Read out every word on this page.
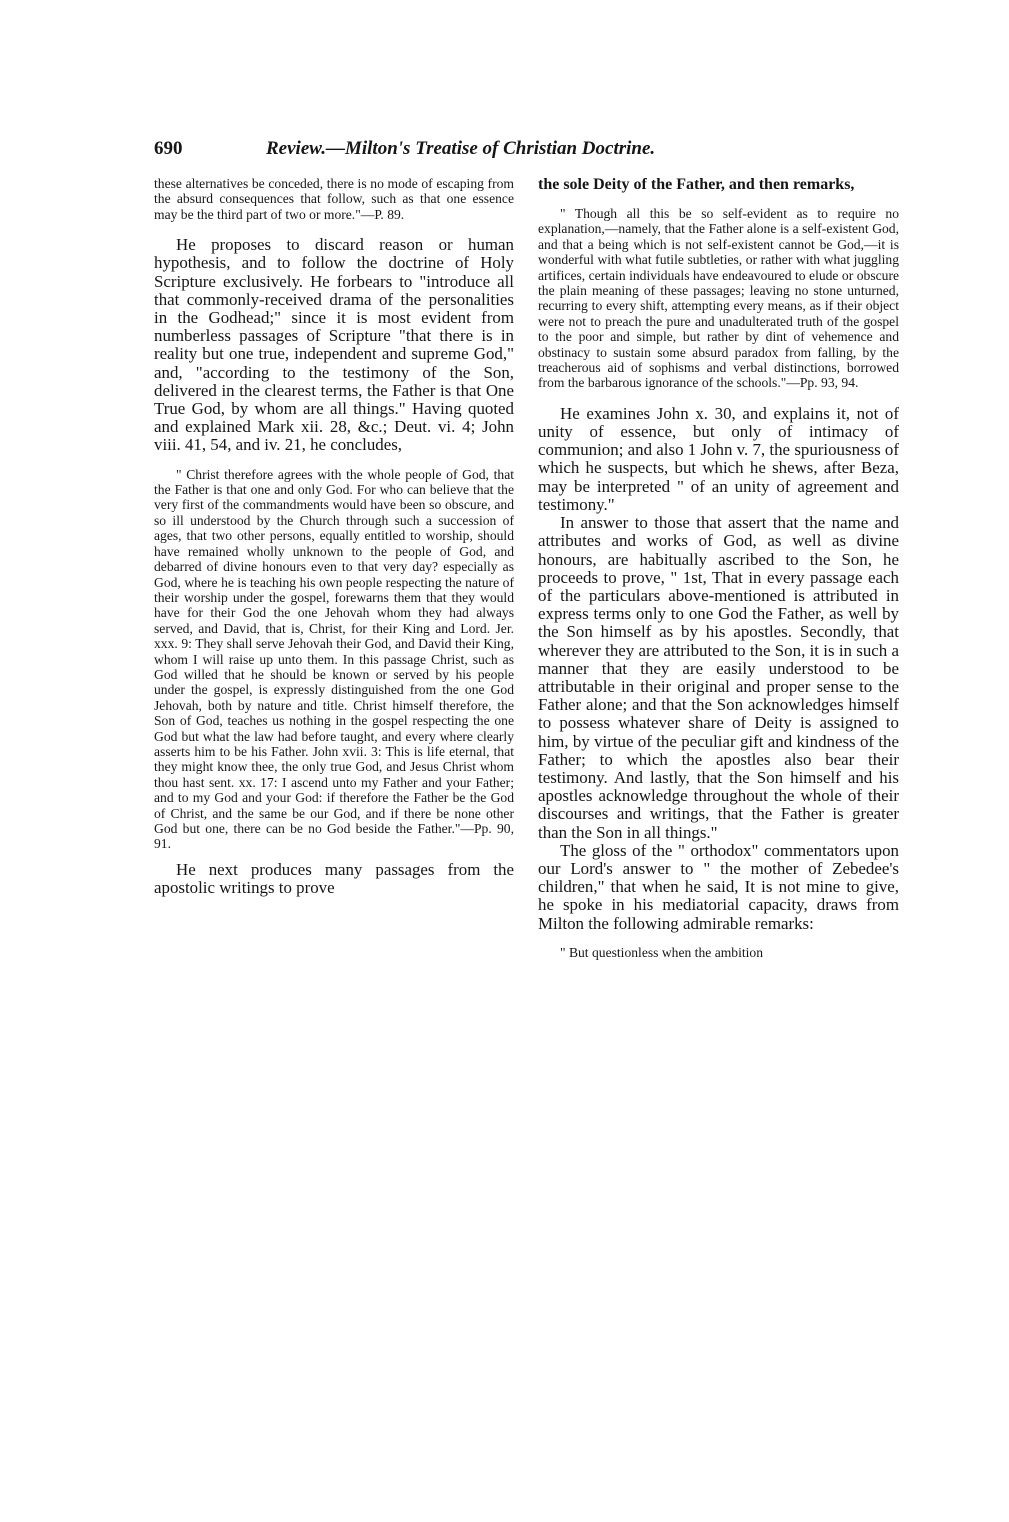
690	Review.—Milton's Treatise of Christian Doctrine.

these alternatives be conceded, there is no mode of escaping from the absurd consequences that follow, such as that one essence may be the third part of two or more."—P. 89.

He proposes to discard reason or human hypothesis, and to follow the doctrine of Holy Scripture exclusively. He forbears to "introduce all that commonly-received drama of the personalities in the Godhead;" since it is most evident from numberless passages of Scripture "that there is in reality but one true, independent and supreme God," and, "according to the testimony of the Son, delivered in the clearest terms, the Father is that One True God, by whom are all things." Having quoted and explained Mark xii. 28, &c.; Deut. vi. 4; John viii. 41, 54, and iv. 21, he concludes,

" Christ therefore agrees with the whole people of God, that the Father is that one and only God. For who can believe that the very first of the commandments would have been so obscure, and so ill understood by the Church through such a succession of ages, that two other persons, equally entitled to worship, should have remained wholly unknown to the people of God, and debarred of divine honours even to that very day? especially as God, where he is teaching his own people respecting the nature of their worship under the gospel, forewarns them that they would have for their God the one Jehovah whom they had always served, and David, that is, Christ, for their King and Lord. Jer. xxx. 9: They shall serve Jehovah their God, and David their King, whom I will raise up unto them. In this passage Christ, such as God willed that he should be known or served by his people under the gospel, is expressly distinguished from the one God Jehovah, both by nature and title. Christ himself therefore, the Son of God, teaches us nothing in the gospel respecting the one God but what the law had before taught, and every where clearly asserts him to be his Father. John xvii. 3: This is life eternal, that they might know thee, the only true God, and Jesus Christ whom thou hast sent. xx. 17: I ascend unto my Father and your Father; and to my God and your God: if therefore the Father be the God of Christ, and the same be our God, and if there be none other God but one, there can be no God beside the Father."—Pp. 90, 91.

He next produces many passages from the apostolic writings to prove

the sole Deity of the Father, and then remarks,

" Though all this be so self-evident as to require no explanation,—namely, that the Father alone is a self-existent God, and that a being which is not self-existent cannot be God,—it is wonderful with what futile subtleties, or rather with what juggling artifices, certain individuals have endeavoured to elude or obscure the plain meaning of these passages; leaving no stone unturned, recurring to every shift, attempting every means, as if their object were not to preach the pure and unadulterated truth of the gospel to the poor and simple, but rather by dint of vehemence and obstinacy to sustain some absurd paradox from falling, by the treacherous aid of sophisms and verbal distinctions, borrowed from the barbarous ignorance of the schools."—Pp. 93, 94.

He examines John x. 30, and explains it, not of unity of essence, but only of intimacy of communion; and also 1 John v. 7, the spuriousness of which he suspects, but which he shews, after Beza, may be interpreted " of an unity of agreement and testimony."

In answer to those that assert that the name and attributes and works of God, as well as divine honours, are habitually ascribed to the Son, he proceeds to prove, " 1st, That in every passage each of the particulars above-mentioned is attributed in express terms only to one God the Father, as well by the Son himself as by his apostles. Secondly, that wherever they are attributed to the Son, it is in such a manner that they are easily understood to be attributable in their original and proper sense to the Father alone; and that the Son acknowledges himself to possess whatever share of Deity is assigned to him, by virtue of the peculiar gift and kindness of the Father; to which the apostles also bear their testimony. And lastly, that the Son himself and his apostles acknowledge throughout the whole of their discourses and writings, that the Father is greater than the Son in all things."

The gloss of the " orthodox" commentators upon our Lord's answer to " the mother of Zebedee's children," that when he said, It is not mine to give, he spoke in his mediatorial capacity, draws from Milton the following admirable remarks:

" But questionless when the ambition
